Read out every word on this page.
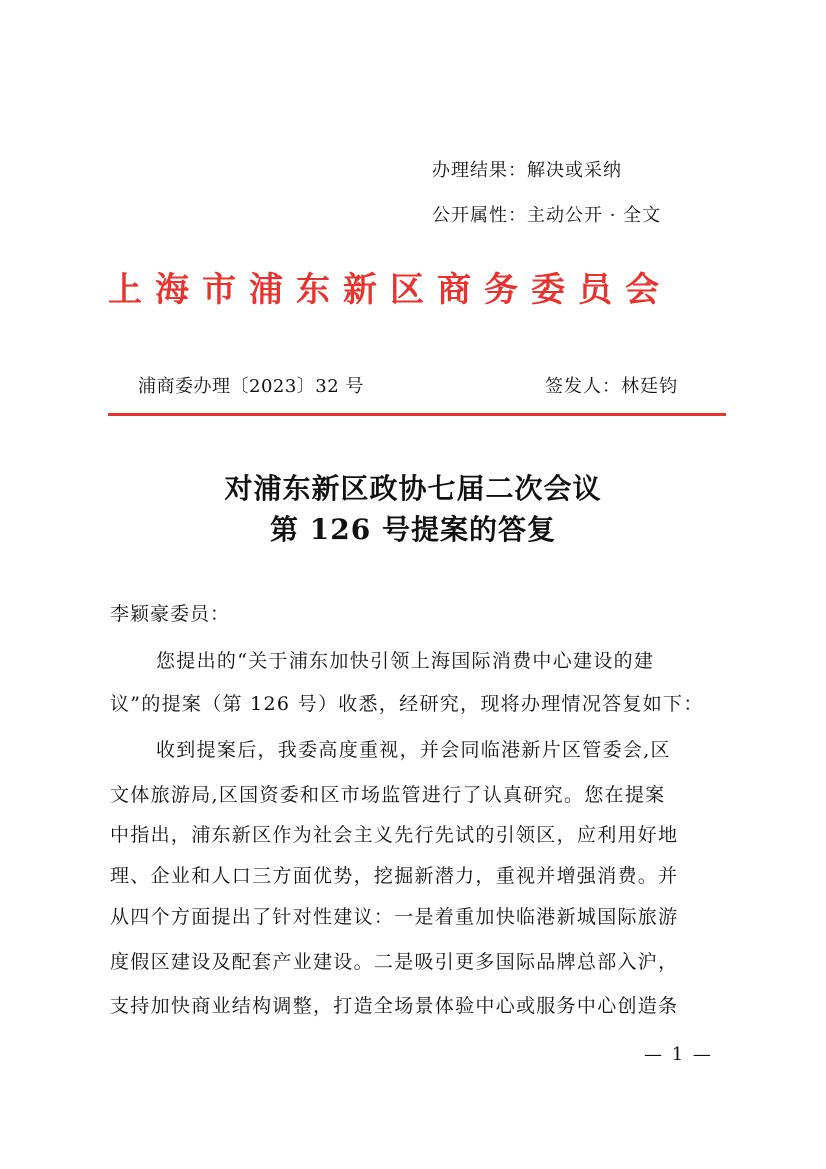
办理结果：解决或采纳
公开属性：主动公开 · 全文
上海市浦东新区商务委员会
浦商委办理〔2023〕32 号	签发人：林廷钧
对浦东新区政协七届二次会议
第 126 号提案的答复
李颖豪委员：
您提出的“关于浦东加快引领上海国际消费中心建设的建
议”的提案（第 126 号）收悉，经研究，现将办理情况答复如下：
收到提案后，我委高度重视，并会同临港新片区管委会,区
文体旅游局,区国资委和区市场监管进行了认真研究。您在提案
中指出，浦东新区作为社会主义先行先试的引领区，应利用好地
理、企业和人口三方面优势，挖掘新潜力，重视并增强消费。并
从四个方面提出了针对性建议：一是着重加快临港新城国际旅游
度假区建设及配套产业建设。二是吸引更多国际品牌总部入沪，
支持加快商业结构调整，打造全场景体验中心或服务中心创造条
— 1 —
